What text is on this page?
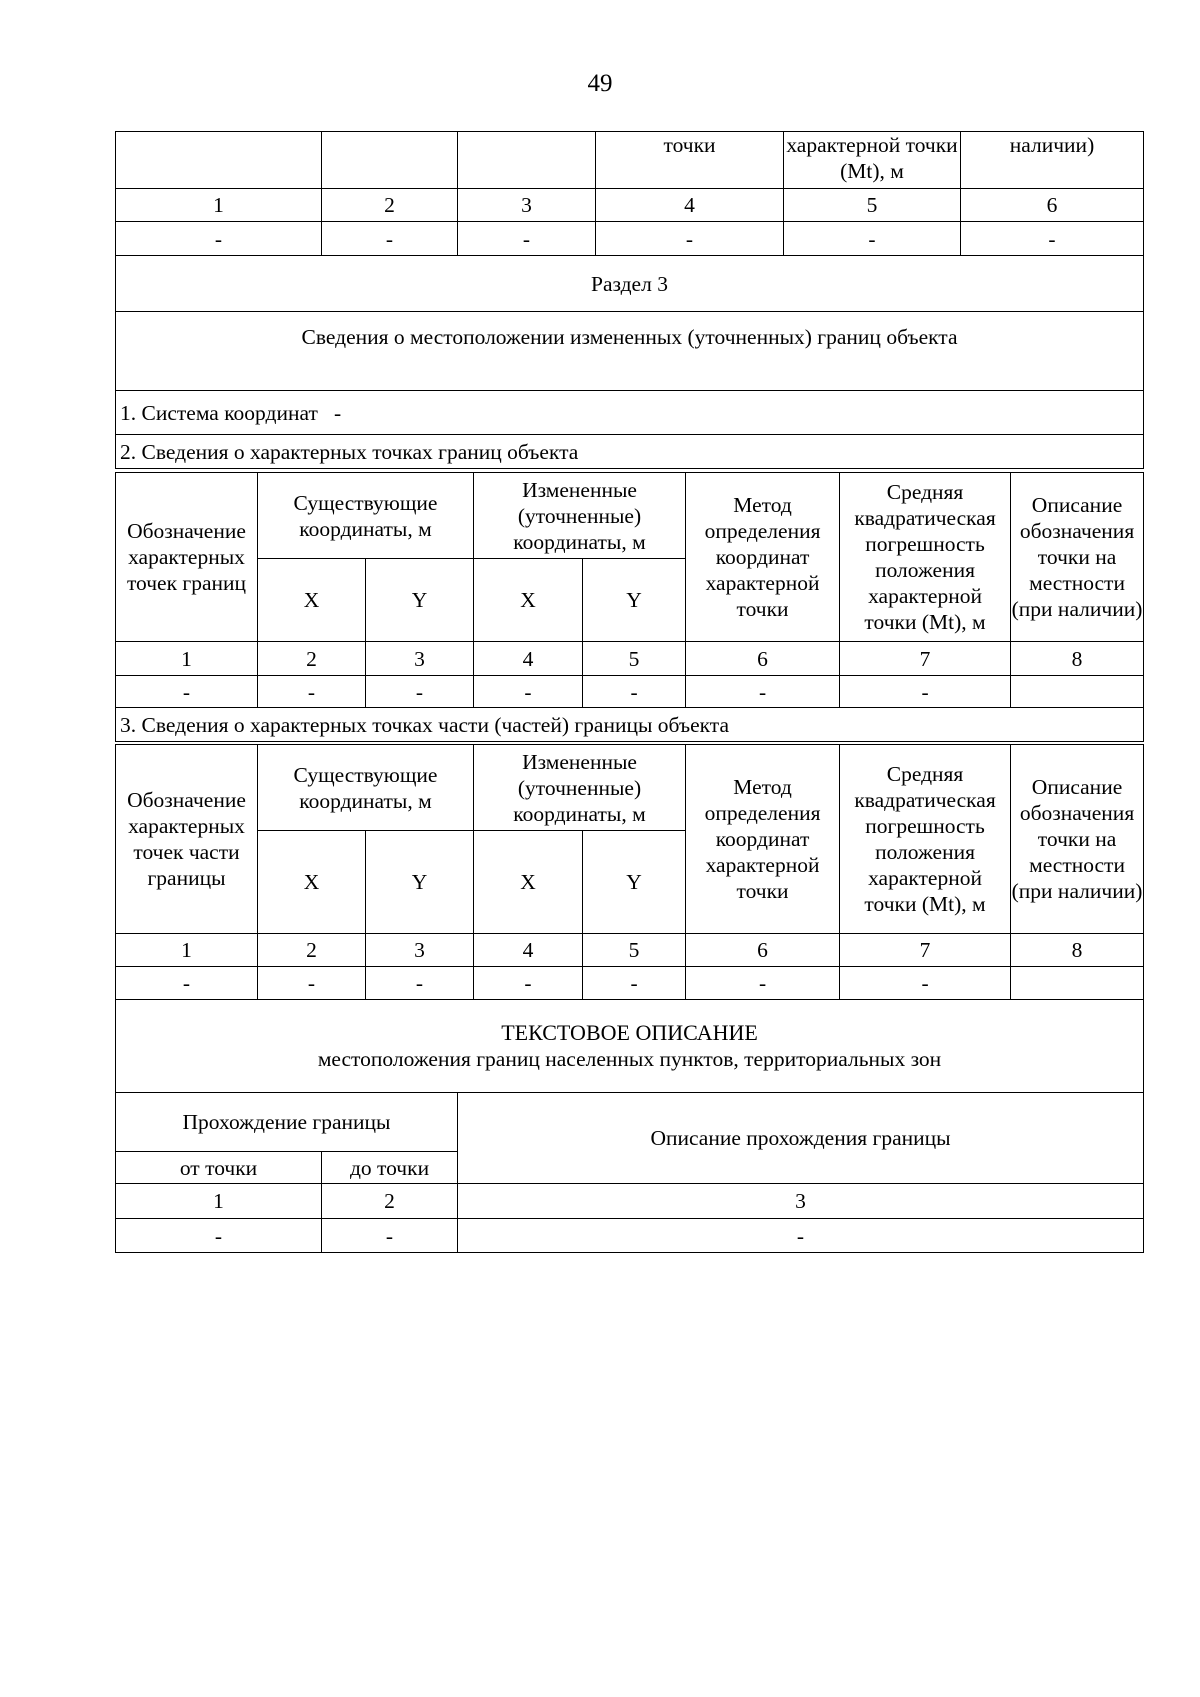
49
			точки	характерной точки (Mt), м	наличии)
1	2	3	4	5	6
-	-	-	-	-	-
Раздел 3					
Сведения о местоположении измененных (уточненных) границ объекта					
1. Система координат -					
2. Сведения о характерных точках границ объекта					
Обозначение характерных точек границ	Существующие координаты, м		Измененные (уточненные) координаты, м		Метод определения координат характерной точки	Средняя квадратическая погрешность положения характерной точки (Mt), м	Описание обозначения точки на местности (при наличии)
	X	Y	X	Y			
1	2	3	4	5	6	7	8
-	-	-	-	-	-	-	
3. Сведения о характерных точках части (частей) границы объекта							
Обозначение характерных точек части границы	Существующие координаты, м		Измененные (уточненные) координаты, м		Метод определения координат характерной точки	Средняя квадратическая погрешность положения характерной точки (Mt), м	Описание обозначения точки на местности (при наличии)
	X	Y	X	Y			
1	2	3	4	5	6	7	8
-	-	-	-	-	-	-	

ТЕКСТОВОЕ ОПИСАНИЕ
местоположения границ населенных пунктов, территориальных зон							
Прохождение границы		Описание прохождения границы
от точки	до точки	
1	2	3
-	-	-
